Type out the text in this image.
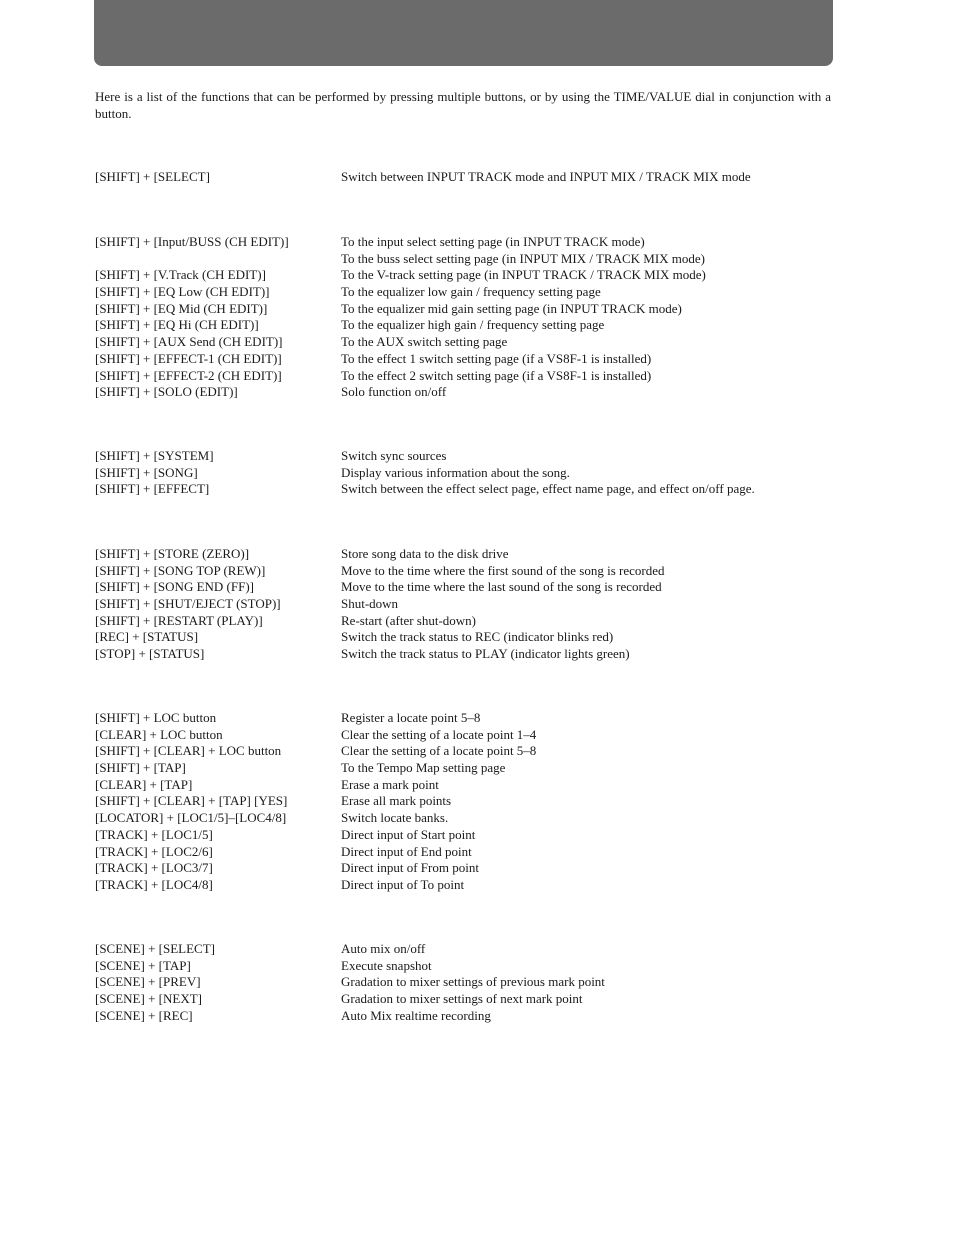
Here is a list of the functions that can be performed by pressing multiple buttons, or by using the TIME/VALUE dial in conjunction with a button.

[SHIFT] + [SELECT]	Switch between INPUT TRACK mode and INPUT MIX / TRACK MIX mode
[SHIFT] + [Input/BUSS (CH EDIT)]	To the input select setting page (in INPUT TRACK mode)
To the buss select setting page (in INPUT MIX / TRACK MIX mode)
[SHIFT] + [V.Track (CH EDIT)]	To the V-track setting page (in INPUT TRACK / TRACK MIX mode)
[SHIFT] + [EQ Low (CH EDIT)]	To the equalizer low gain / frequency setting page
[SHIFT] + [EQ Mid (CH EDIT)]	To the equalizer mid gain setting page (in INPUT TRACK mode)
[SHIFT] + [EQ Hi (CH EDIT)]	To the equalizer high gain / frequency setting page
[SHIFT] + [AUX Send (CH EDIT)]	To the AUX switch setting page
[SHIFT] + [EFFECT-1 (CH EDIT)]	To the effect 1 switch setting page (if a VS8F-1 is installed)
[SHIFT] + [EFFECT-2 (CH EDIT)]	To the effect 2 switch setting page (if a VS8F-1 is installed)
[SHIFT] + [SOLO (EDIT)]	Solo function on/off
[SHIFT] + [SYSTEM]	Switch sync sources
[SHIFT] + [SONG]	Display various information about the song.
[SHIFT] + [EFFECT]	Switch between the effect select page, effect name page, and effect on/off page.
[SHIFT] + [STORE (ZERO)]	Store song data to the disk drive
[SHIFT] + [SONG TOP (REW)]	Move to the time where the first sound of the song is recorded
[SHIFT] + [SONG END (FF)]	Move to the time where the last sound of the song is recorded
[SHIFT] + [SHUT/EJECT (STOP)]	Shut-down
[SHIFT] + [RESTART (PLAY)]	Re-start (after shut-down)
[REC] + [STATUS]	Switch the track status to REC (indicator blinks red)
[STOP] + [STATUS]	Switch the track status to PLAY (indicator lights green)
[SHIFT] + LOC button	Register a locate point 5–8
[CLEAR] + LOC button	Clear the setting of a locate point 1–4
[SHIFT] + [CLEAR] + LOC button	Clear the setting of a locate point 5–8
[SHIFT] + [TAP]	To the Tempo Map setting page
[CLEAR] + [TAP]	Erase a mark point
[SHIFT] + [CLEAR] + [TAP] [YES]	Erase all mark points
[LOCATOR] + [LOC1/5]–[LOC4/8]	Switch locate banks.
[TRACK] + [LOC1/5]	Direct input of Start point
[TRACK] + [LOC2/6]	Direct input of End point
[TRACK] + [LOC3/7]	Direct input of From point
[TRACK] + [LOC4/8]	Direct input of To point
[SCENE] + [SELECT]	Auto mix on/off
[SCENE] + [TAP]	Execute snapshot
[SCENE] + [PREV]	Gradation to mixer settings of previous mark point
[SCENE] + [NEXT]	Gradation to mixer settings of next mark point
[SCENE] + [REC]	Auto Mix realtime recording
